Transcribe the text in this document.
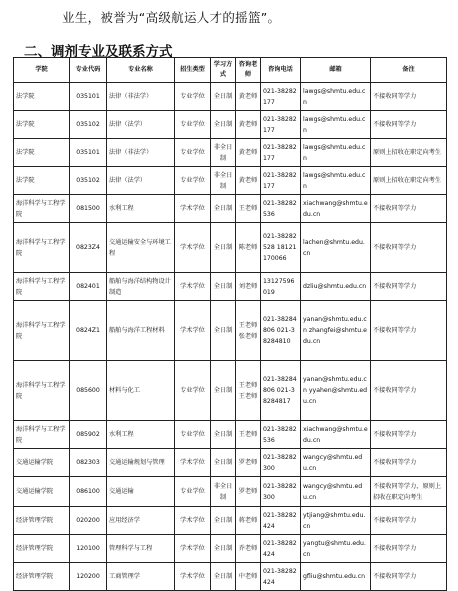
业生，被誉为“高级航运人才的摇篮”。
二、调剂专业及联系方式
学院	专业代码	专业名称	招生类型	学习方式	咨询老师	咨询电话	邮箱	备注
法学院	035101	法律（非法学）	专业学位	全日制	黄老师	021-38282177	lawgs@shmtu.edu.cn	不接收同等学力
法学院	035102	法律（法学）	专业学位	全日制	黄老师	021-38282177	lawgs@shmtu.edu.cn	不接收同等学力
法学院	035101	法律（非法学）	专业学位	非全日制	黄老师	021-38282177	lawgs@shmtu.edu.cn	原则上招收在职定向考生
法学院	035102	法律（法学）	专业学位	非全日制	黄老师	021-38282177	lawgs@shmtu.edu.cn	原则上招收在职定向考生
海洋科学与工程学院	081500	水利工程	学术学位	全日制	王老师	021-38282536	xiachwang@shmtu.edu.cn	不接收同等学力
海洋科学与工程学院	0823Z4	交通运输安全与环境工程	学术学位	全日制	陈老师	021-38282528 18121170066	lachen@shmtu.edu.cn	不接收同等学力
海洋科学与工程学院	082401	船舶与海洋结构物设计制造	学术学位	全日制	刘老师	13127596019	dzliu@shmtu.edu.cn	不接收同等学力
海洋科学与工程学院	0824Z1	船舶与海洋工程材料	学术学位	全日制	王老师 张老师	021-38284806 021-38284810	yanan@shmtu.edu.cn zhangfei@shmtu.edu.cn	不接收同等学力
海洋科学与工程学院	085600	材料与化工	专业学位	全日制	王老师 王老师	021-38284806 021-38284817	yanan@shmtu.edu.cn yyahen@shmtu.edu.cn	不接收同等学力
海洋科学与工程学院	085902	水利工程	专业学位	全日制	王老师	021-38282536	xiachwang@shmtu.edu.cn	不接收同等学力
交通运输学院	082303	交通运输规划与管理	学术学位	全日制	罗老师	021-38282300	wangcy@shmtu.edu.cn	不接收同等学力
交通运输学院	086100	交通运输	专业学位	非全日制	罗老师	021-38282300	wangcy@shmtu.edu.cn	不接收同等学力，原则上招收在职定向考生
经济管理学院	020200	应用经济学	学术学位	全日制	蒋老师	021-38282424	ytjiang@shmtu.edu.cn	不接收同等学力
经济管理学院	120100	管理科学与工程	学术学位	全日制	乔老师	021-38282424	yangtu@shmtu.edu.cn	不接收同等学力
经济管理学院	120200	工商管理学	学术学位	全日制	中老师	021-38282424	gfliu@shmtu.edu.cn	不接收同等学力
